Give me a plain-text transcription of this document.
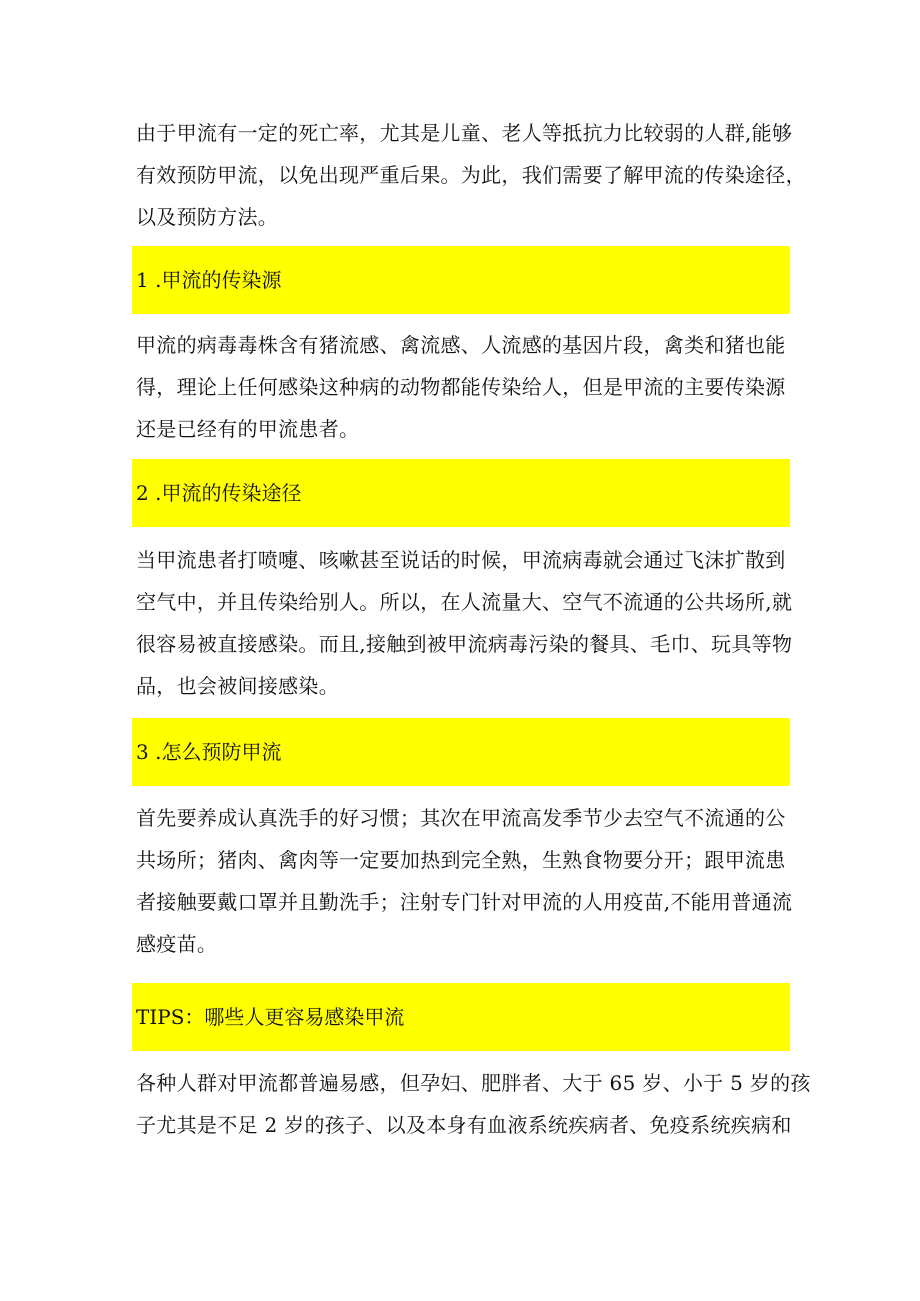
由于甲流有一定的死亡率，尤其是儿童、老人等抵抗力比较弱的人群,能够
有效预防甲流，以免出现严重后果。为此，我们需要了解甲流的传染途径，
以及预防方法。
1 .甲流的传染源
甲流的病毒毒株含有猪流感、禽流感、人流感的基因片段，禽类和猪也能
得，理论上任何感染这种病的动物都能传染给人，但是甲流的主要传染源
还是已经有的甲流患者。
2 .甲流的传染途径
当甲流患者打喷嚏、咳嗽甚至说话的时候，甲流病毒就会通过飞沫扩散到
空气中，并且传染给别人。所以，在人流量大、空气不流通的公共场所,就
很容易被直接感染。而且,接触到被甲流病毒污染的餐具、毛巾、玩具等物
品，也会被间接感染。
3 .怎么预防甲流
首先要养成认真洗手的好习惯；其次在甲流高发季节少去空气不流通的公
共场所；猪肉、禽肉等一定要加热到完全熟，生熟食物要分开；跟甲流患
者接触要戴口罩并且勤洗手；注射专门针对甲流的人用疫苗,不能用普通流
感疫苗。
TIPS：哪些人更容易感染甲流
各种人群对甲流都普遍易感，但孕妇、肥胖者、大于 65 岁、小于 5 岁的孩
子尤其是不足 2 岁的孩子、以及本身有血液系统疾病者、免疫系统疾病和
